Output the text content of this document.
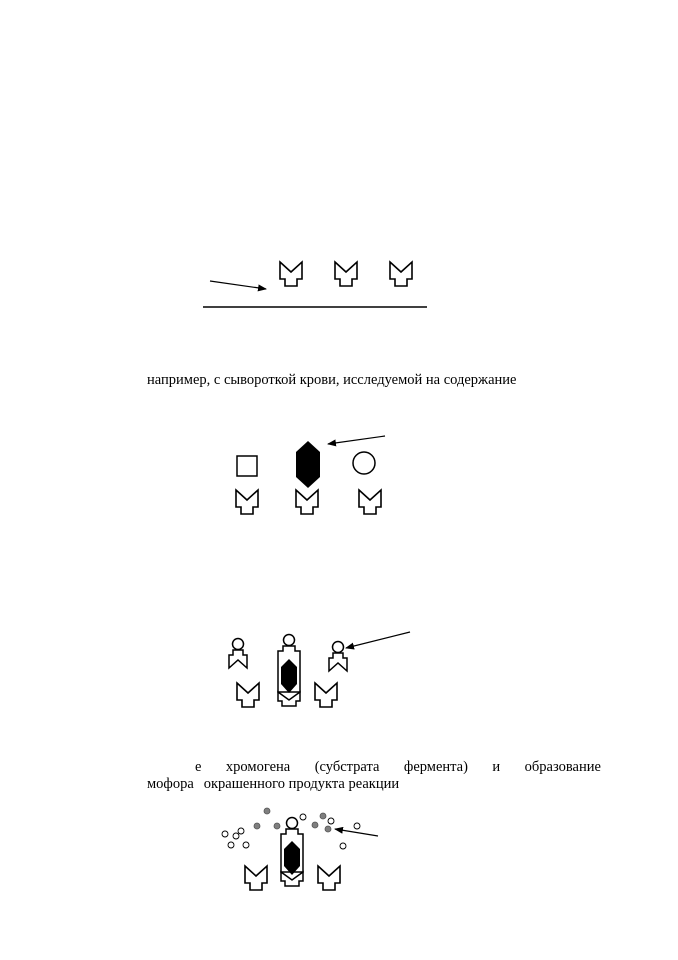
например, с сывороткой крови, исследуемой на содержание
е хромогена (субстрата фермента) и образование
мофора окрашенного продукта реакции
